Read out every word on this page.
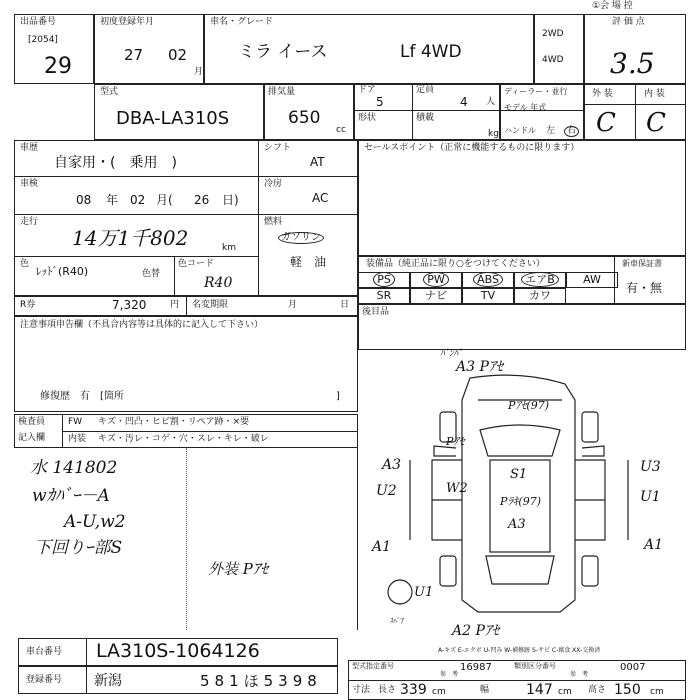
出品番号
[2054]
29
初度登録年月
27 02
月
車名・グレード
ミラ イース	Lf 4WD
2WD
4WD
①会 場 控
評 価 点
3.5
型式
DBA-LA310S
排気量
650
cc
ドア
5
定員
4 人
形状	積載
kg
ディーラー・並行
モデル 年式
ハンドル 左	右
外 装	内 装
C C
車歴
自家用・(　乗用　)
シフト
AT
車検
08 年 02 月( 26 日)
冷房
AC
走行
14万1千802	km
燃料
ガソリン
軽　油
色
ﾚｯﾄﾞ(R40)	色替
色コード
R40
R券	7,320	円 名変期限	月	日
注意事項申告欄（不具合内容等は具体的に記入して下さい）
修復歴　有　[箇所	]
検査員
記入欄
FW キズ・凹凸・ヒビ割・リペア跡・×要
内装 キズ・汚レ・コゲ・穴・スレ・キレ・破レ
水 141802
wｶﾊﾞｰ－A
A-U,w2
下回りｰ部S
外装 Pｱｾ
セールスポイント（正常に機能するものに限ります）
装備品（純正品に限り○をつけてください）	新車保証書
有・無
PS	PW	ABS	エアB	AW
SR	ナビ	TV	カワ
後目品
ﾊﾞﾝﾊﾟ
A3 Pｱｾ
Pｱｾ(97)
Pｱｾ
A3
U2	W2
S1
Pﾗｷ(97)
A3
U3
U1
A1	A1
U1
ｽﾍﾟｱ
A2 Pｱｾ
A-キズ E-エクボ U-凹み W-補修跡 S-サビ C-腐食 XX-交換済
車台番号 LA310S-1064126
登録番号 新潟	581ほ5398
型式指定番号
参　考
16987	類別区分番号
参　考
0007
寸法 長さ 339 cm	幅	147 cm 高さ 150 cm
